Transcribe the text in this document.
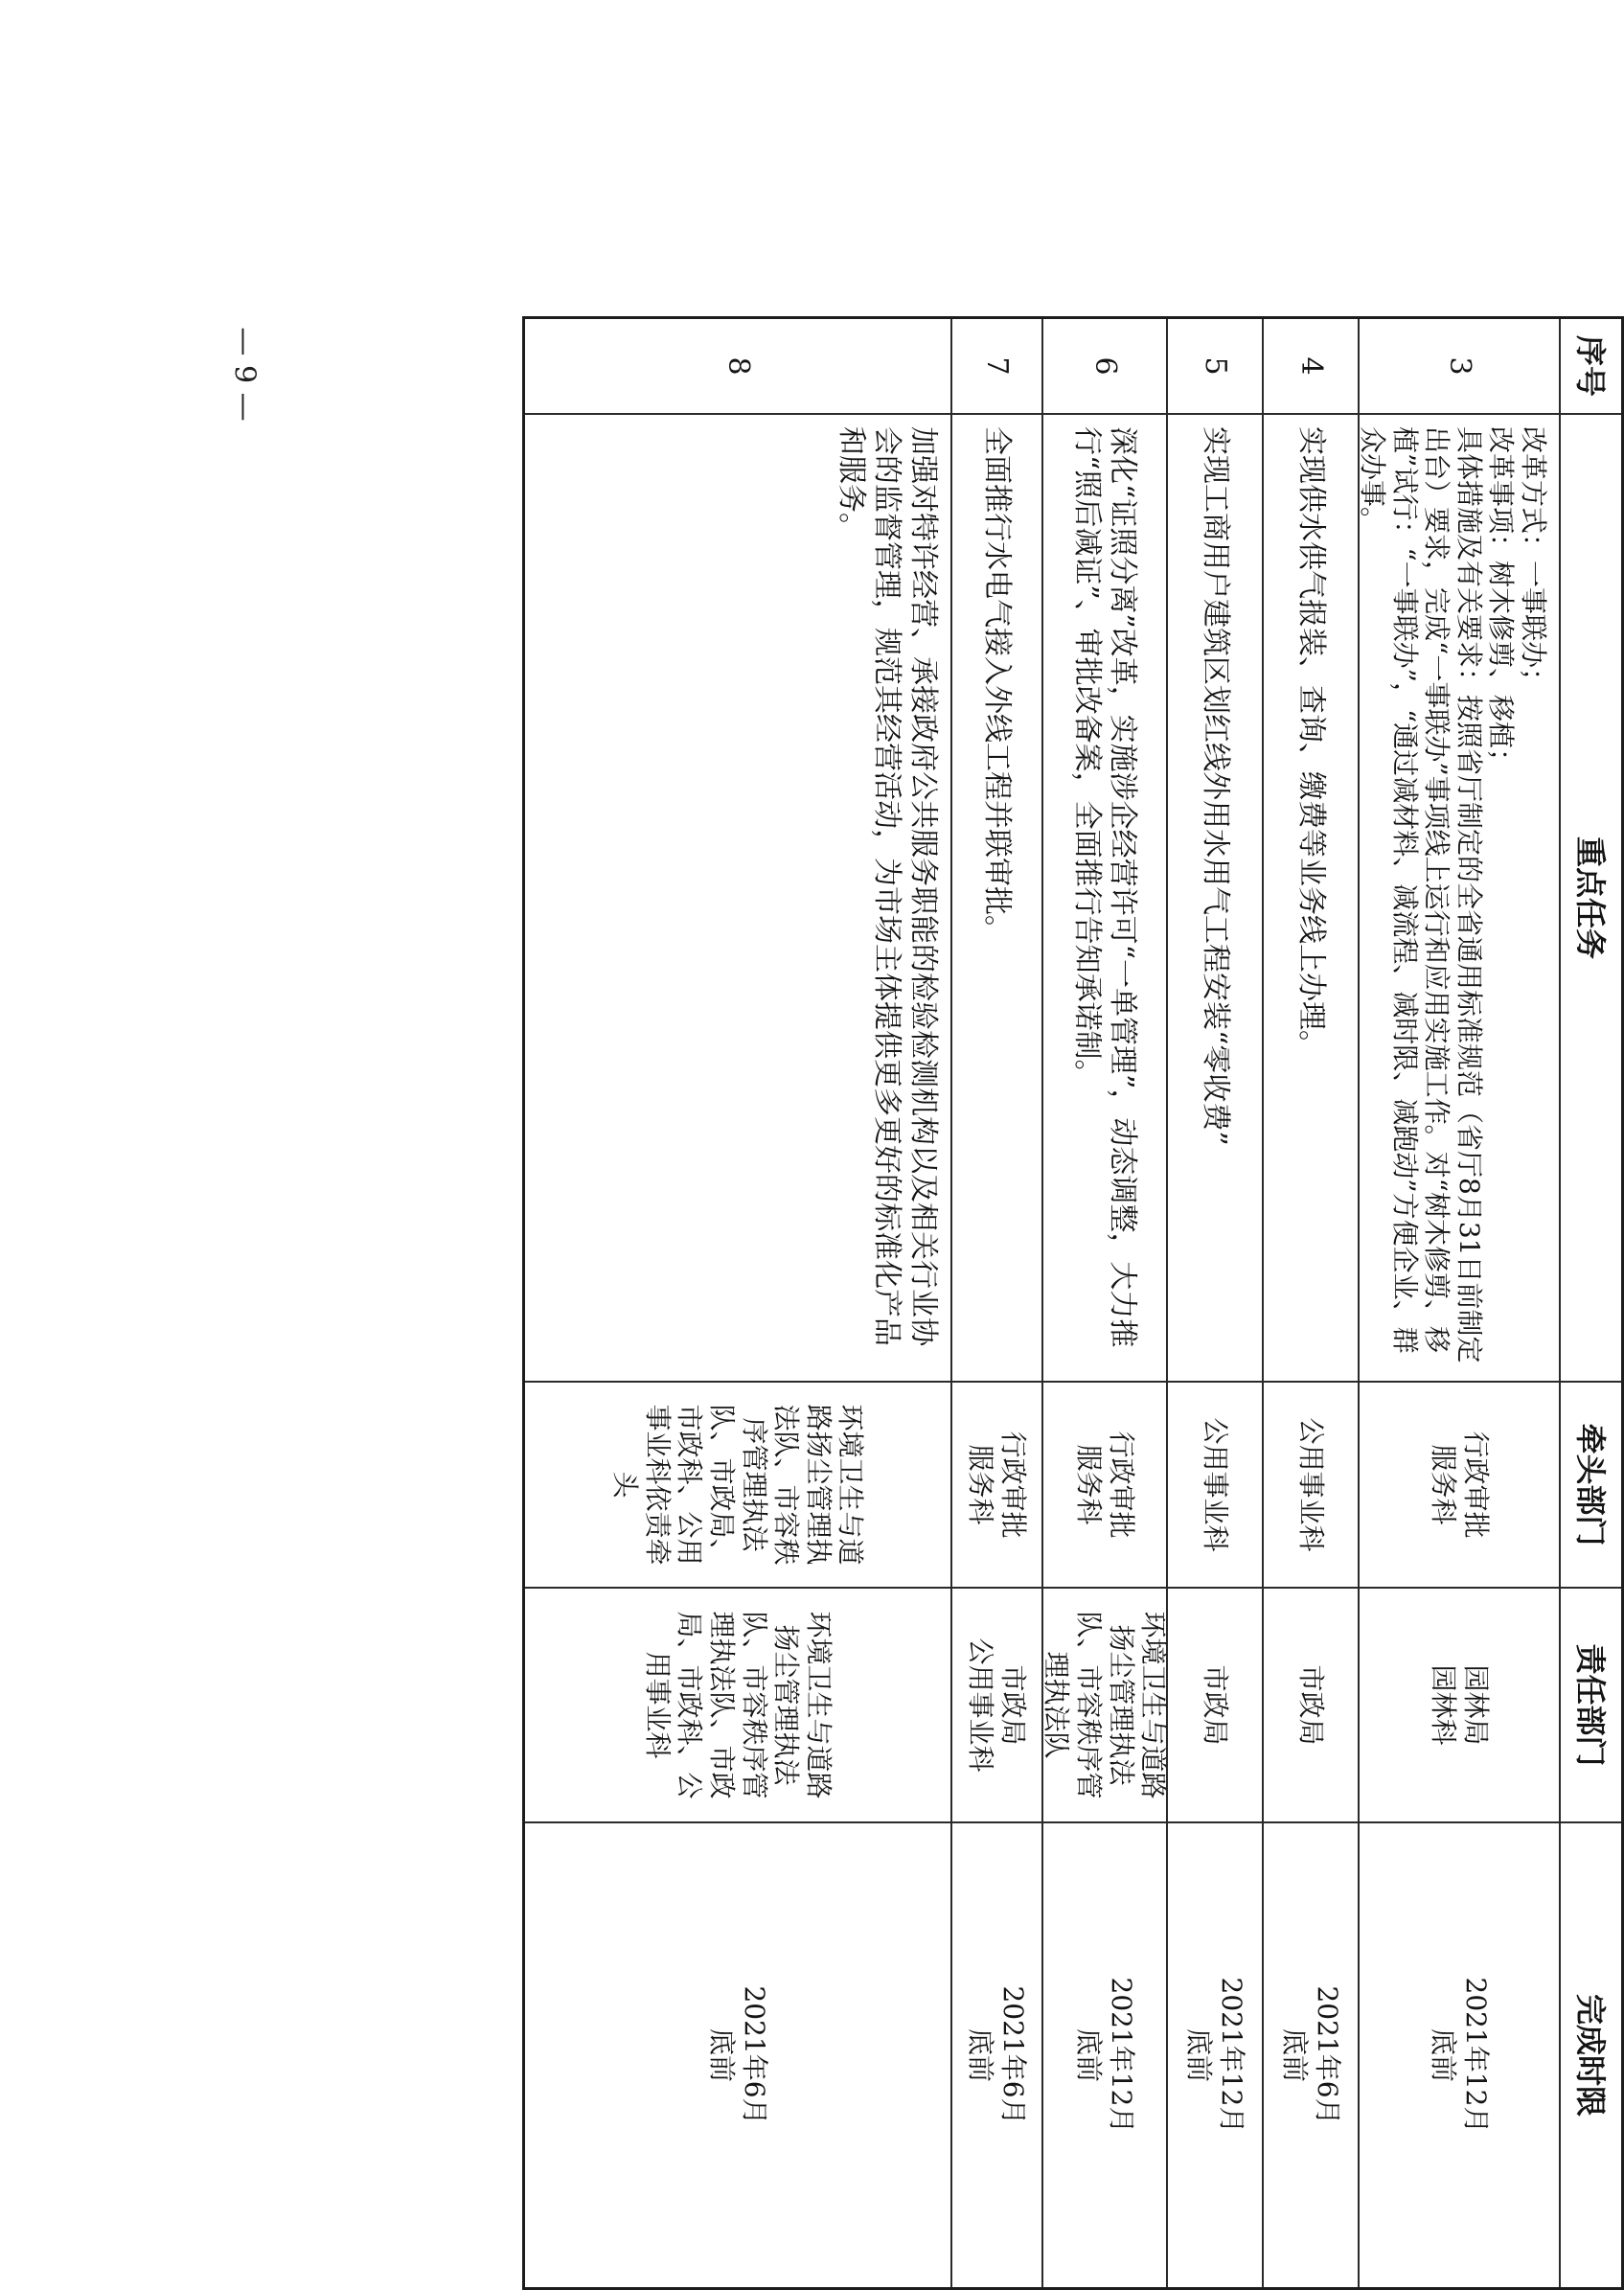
— 9 —	序号
重点任务
牵头部门
责任部门
完成时限
3
改革方式：一事联办；
改革事项：树木修剪、移植；
具体措施及有关要求：按照省厅制定的全省通用标准规范（省厅8月31日前制定出台）要求，完成“一事联办”事项线上运行和应用实施工作。对“树木修剪、移植”试行：“一事联办”，“通过减材料、减流程、减时限、减跑动”方便企业、群众办事。
行政审批
服务科
园林局
园林科
2021年12月
底前
4
实现供水供气报装、查询、缴费等业务线上办理。
公用事业科
市政局
2021年6月
底前
5
实现工商用户建筑区划红线外用水用气工程安装“零收费”
公用事业科
市政局
2021年12月
底前
6
深化“证照分离”改革，实施涉企经营许可“一单管理”，动态调整，大力推行“照后减证”、审批改备案，全面推行告知承诺制。
行政审批
服务科
环境卫生与道路扬尘管理执法队、市容秩序管理执法队
2021年12月
底前
7
全面推行水电气接入外线工程并联审批。
行政审批
服务科
市政局
公用事业科
2021年6月
底前
8
加强对特许经营、承接政府公共服务职能的检验检测机构以及相关行业协会的监督管理，规范其经营活动，为市场主体提供更多更好的标准化产品和服务。
环境卫生与道路扬尘管理执法队、市容秩序管理执法队、市政局、市政科、公用事业科依责牵头
环境卫生与道路扬尘管理执法队、市容秩序管理执法队、市政局、市政科、公用事业科
2021年6月
底前
